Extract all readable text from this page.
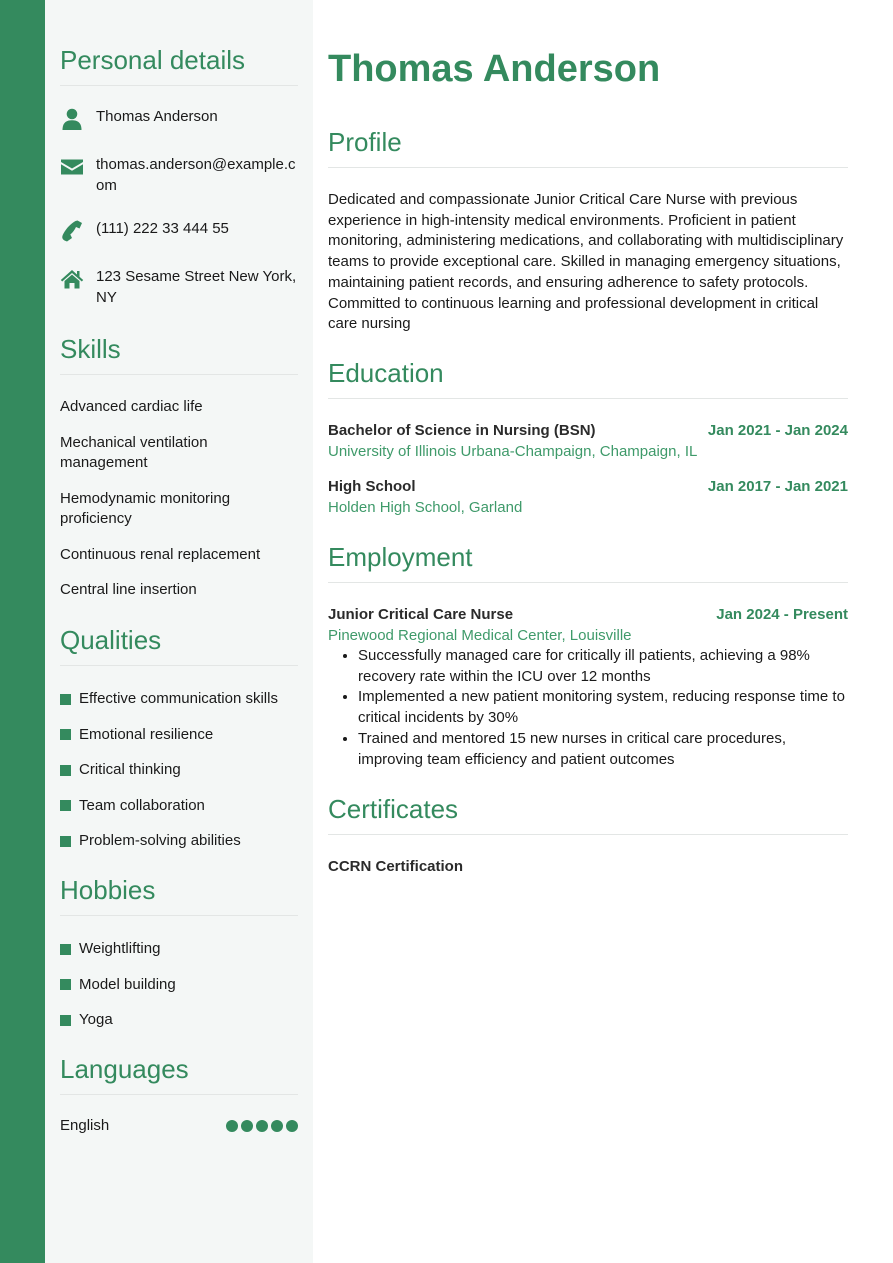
Personal details
Thomas Anderson
thomas.anderson@example.com
(111) 222 33 444 55
123 Sesame Street New York, NY
Skills
Advanced cardiac life
Mechanical ventilation management
Hemodynamic monitoring proficiency
Continuous renal replacement
Central line insertion
Qualities
Effective communication skills
Emotional resilience
Critical thinking
Team collaboration
Problem-solving abilities
Hobbies
Weightlifting
Model building
Yoga
Languages
English
Thomas Anderson
Profile

Dedicated and compassionate Junior Critical Care Nurse with previous experience in high-intensity medical environments. Proficient in patient monitoring, administering medications, and collaborating with multidisciplinary teams to provide exceptional care. Skilled in managing emergency situations, maintaining patient records, and ensuring adherence to safety protocols. Committed to continuous learning and professional development in critical care nursing

Education
Bachelor of Science in Nursing (BSN)	Jan 2021 - Jan 2024
University of Illinois Urbana-Champaign, Champaign, IL
High School	Jan 2017 - Jan 2021
Holden High School, Garland
Employment
Junior Critical Care Nurse	Jan 2024 - Present
Pinewood Regional Medical Center, Louisville
• Successfully managed care for critically ill patients, achieving a 98% recovery rate within the ICU over 12 months
• Implemented a new patient monitoring system, reducing response time to critical incidents by 30%
• Trained and mentored 15 new nurses in critical care procedures, improving team efficiency and patient outcomes
Certificates
CCRN Certification
